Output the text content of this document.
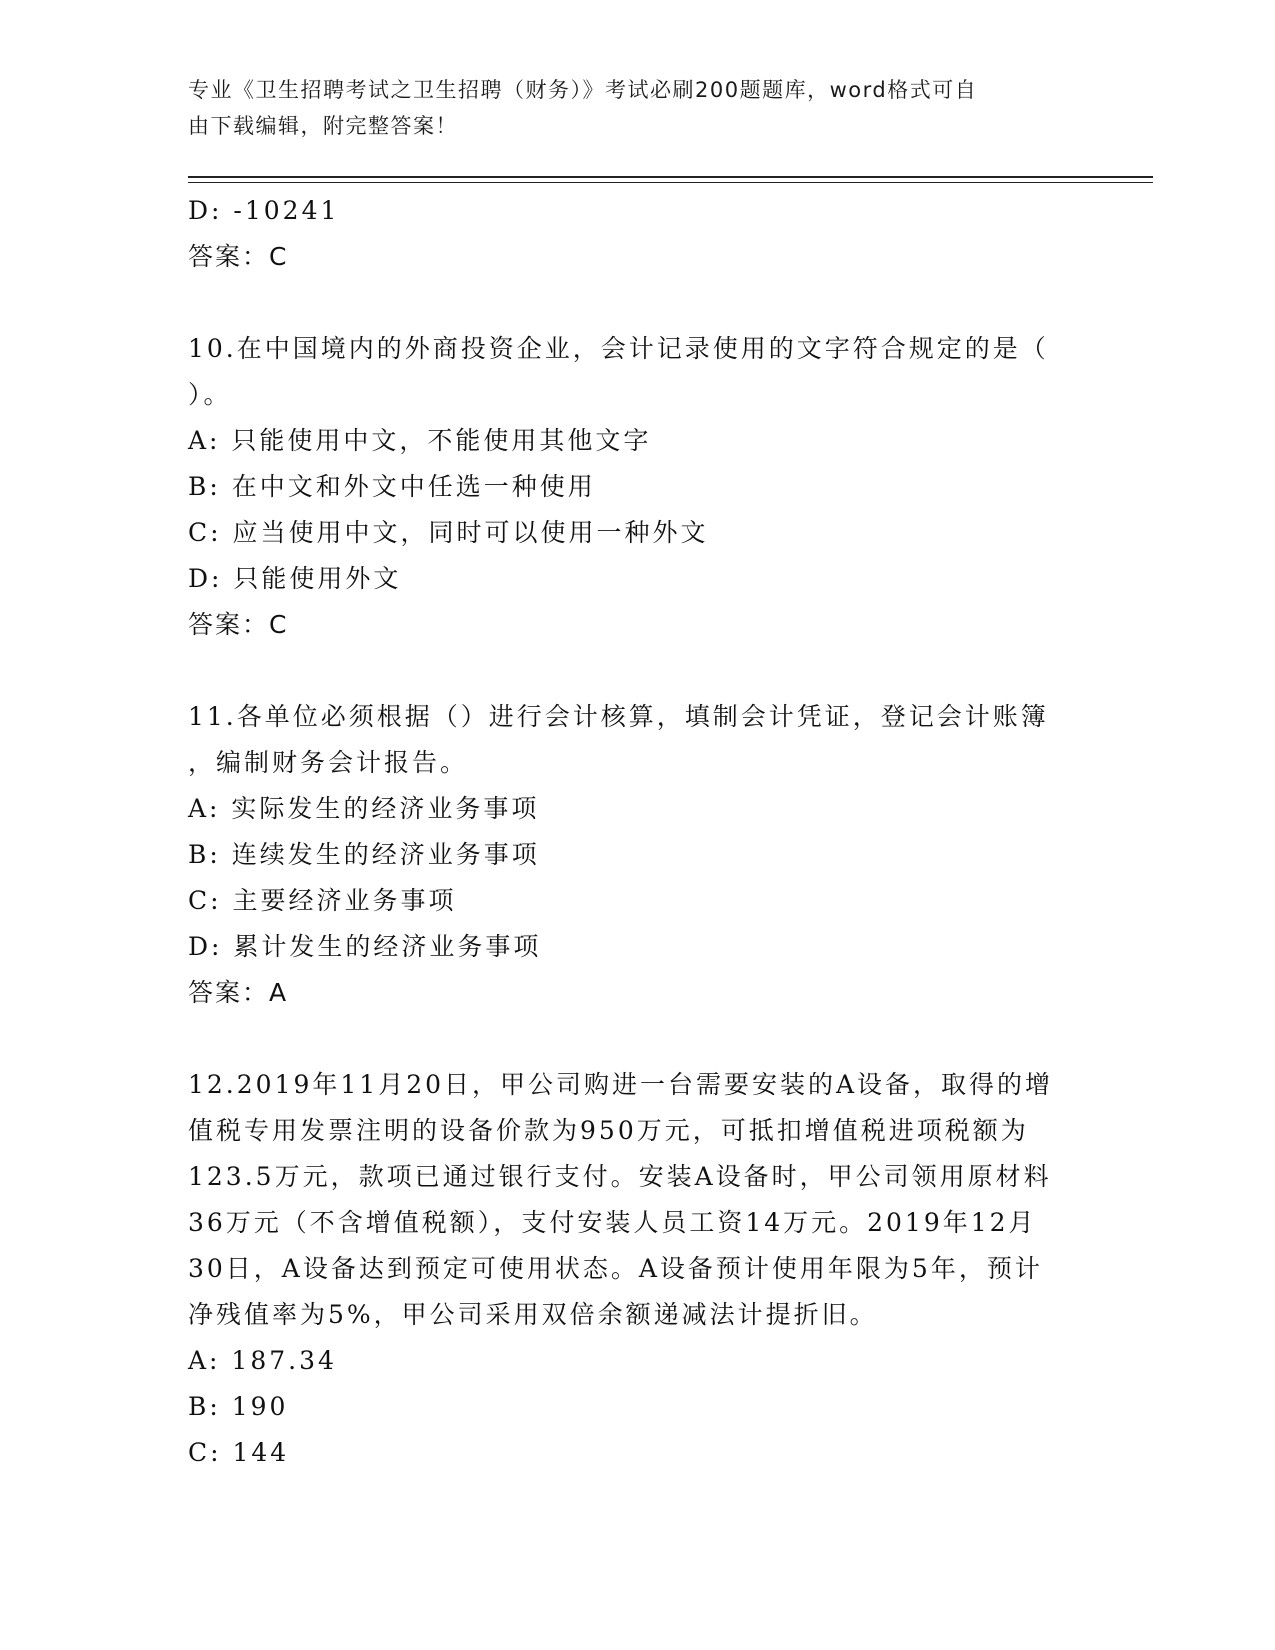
专业《卫生招聘考试之卫生招聘（财务）》考试必刷200题题库，word格式可自
由下载编辑，附完整答案！
D: -10241
答案：C
10.在中国境内的外商投资企业，会计记录使用的文字符合规定的是（
）。
A: 只能使用中文，不能使用其他文字
B: 在中文和外文中任选一种使用
C: 应当使用中文，同时可以使用一种外文
D: 只能使用外文
答案：C
11.各单位必须根据（）进行会计核算，填制会计凭证，登记会计账簿
，编制财务会计报告。
A: 实际发生的经济业务事项
B: 连续发生的经济业务事项
C: 主要经济业务事项
D: 累计发生的经济业务事项
答案：A
12.2019年11月20日，甲公司购进一台需要安装的A设备，取得的增
值税专用发票注明的设备价款为950万元，可抵扣增值税进项税额为
123.5万元，款项已通过银行支付。安装A设备时，甲公司领用原材料
36万元（不含增值税额），支付安装人员工资14万元。2019年12月
30日，A设备达到预定可使用状态。A设备预计使用年限为5年，预计
净残值率为5%，甲公司采用双倍余额递减法计提折旧。
A: 187.34
B: 190
C: 144
